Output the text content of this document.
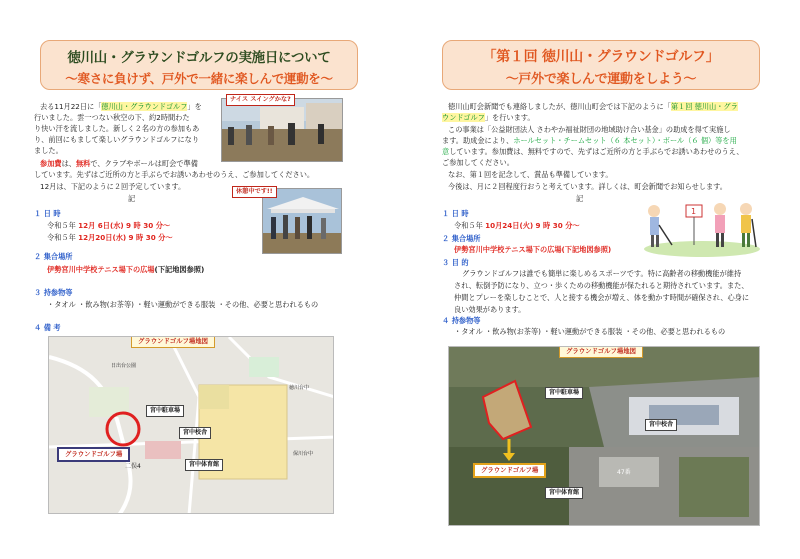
徳川山・グラウンドゴルフの実施日について
～寒さに負けず、戸外で一緒に楽しんで運動を～
去る11月22日に「徳川山・グラウンドゴルフ」を
行いました。雲一つない秋空の下、約2時間わた
り快い汗を流しました。新しく２名の方の参加もあ
り、前回にもまして楽しいグラウンドゴルフになり
ました。
参加費は、無料で、クラブやボールは町会で準備
しています。先ずはご近所の方と手ぶらでお誘いあわせのうえ、ご参加してください。
12月は、下記のように２回予定しています。
記
ナイス スイングかな?
休憩中です!!
１ 日 時
令和５年 12月 6日(水) 9 時 30 分～
令和５年 12月20日(水) 9 時 30 分～
２ 集合場所
伊勢宮川中学校テニス場下の広場(下記地図参照)
３ 持参物等
・タオル ・飲み物(お茶等) ・軽い運動ができる服装 ・その他、必要と思われるもの
４ 備 考
グラウンドゴルフ場地図
宮中駐車場
宮中校舎
宮中体育館
グラウンドゴルフ場
二俣4
日出台公園
徳川台中
保川台中
「第１回 徳川山・グラウンドゴルフ」
～戸外で楽しんで運動をしよう～
徳川山町会新聞でも連絡しましたが、徳川山町会では下記のように「第１回 徳川山・グラ
ウンドゴルフ」を行います。
この事業は「公益財団法人 さわやか福祉財団の地域助け合い基金」の助成を得て実施し
ます。助成金により、ホールセット・チームセット（６ 本セット）・ボール（６ 個）等を用
意しています。参加費は、無料ですので、先ずはご近所の方と手ぶらでお誘いあわせのうえ、
ご参加してください。
なお、第１回を記念して、賞品も準備しています。
今後は、月に２回程度行おうと考えています。詳しくは、町会新聞でお知らせします。
記
1
１ 日 時
令和５年 10月24日(火) 9 時 30 分～
２ 集合場所
伊勢宮川中学校テニス場下の広場(下記地図参照)
３ 目 的
グラウンドゴルフは誰でも簡単に楽しめるスポーツです。特に高齢者の移動機能が維持
され、転倒予防になり、立つ・歩くための移動機能が保たれると期待されています。また、
仲間とプレーを楽しむことで、人と接する機会が増え、体を動かす時間が確保され、心身に
良い効果があります。
４ 持参物等
・タオル ・飲み物(お茶等) ・軽い運動ができる服装 ・その他、必要と思われるもの
グラウンドゴルフ場地図
宮中駐車場
宮中校舎
宮中体育館
グラウンドゴルフ場	47番
